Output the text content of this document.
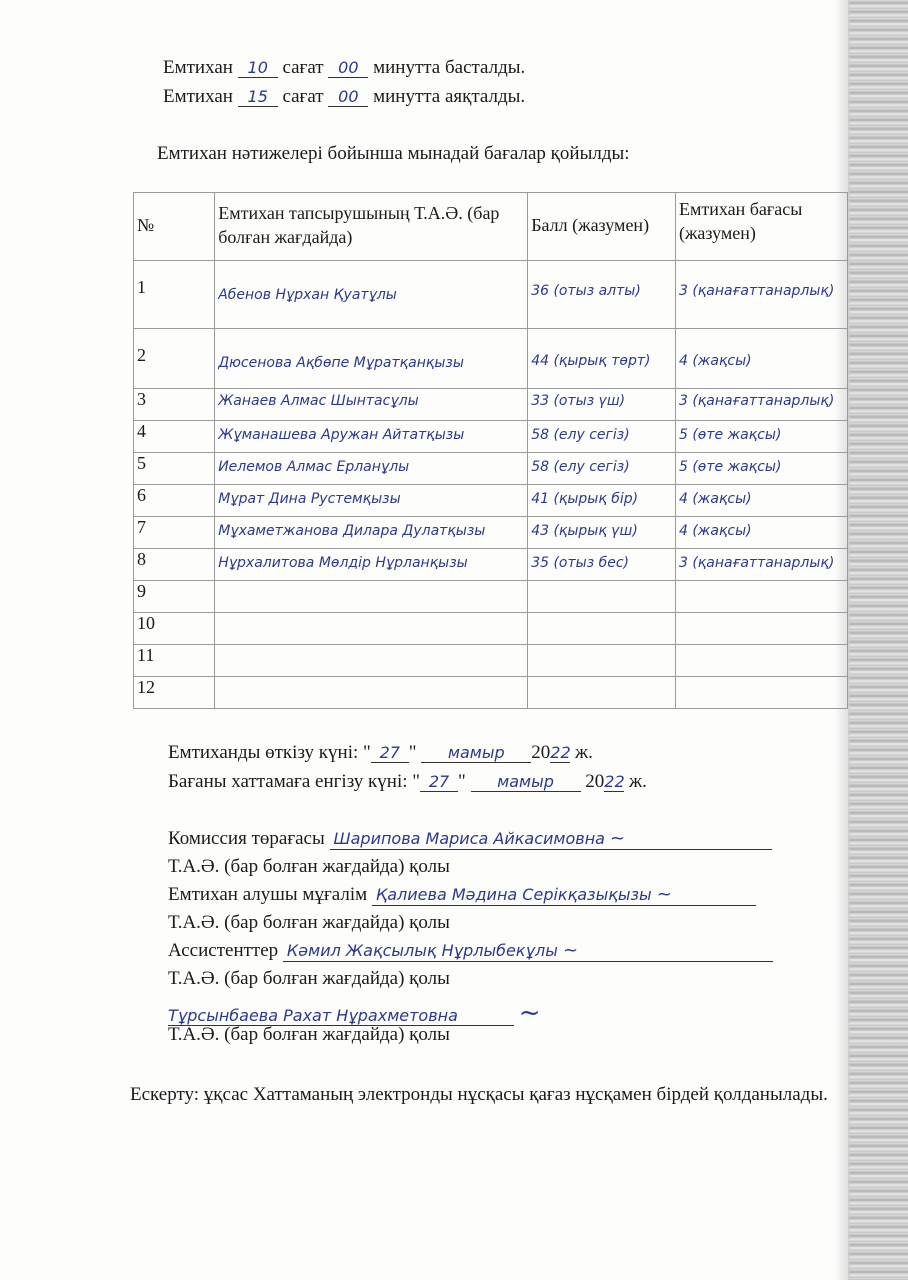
Емтихан 10 сағат 00 минутта басталды.
Емтихан 15 сағат 00 минутта аяқталды.
Емтихан нәтижелері бойынша мынадай бағалар қойылды:
№	Емтихан тапсырушының Т.А.Ә. (бар болған жағдайда)	Балл (жазумен)	Емтихан бағасы (жазумен)
1	Абенов Нұрхан Қуатұлы	36 (отыз алты)	3 (қанағаттанарлық)
2	Дюсенова Ақбөпе Мұратқанқызы	44 (қырық төрт)	4 (жақсы)
3	Жанаев Алмас Шынтасұлы	33 (отыз үш)	3 (қанағаттанарлық)
4	Жұманашева Аружан Айтатқызы	58 (елу сегіз)	5 (өте жақсы)
5	Иелемов Алмас Ерланұлы	58 (елу сегіз)	5 (өте жақсы)
6	Мұрат Дина Рустемқызы	41 (қырық бір)	4 (жақсы)
7	Мұхаметжанова Дилара Дулатқызы	43 (қырық үш)	4 (жақсы)
8	Нұрхалитова Мөлдір Нұрланқызы	35 (отыз бес)	3 (қанағаттанарлық)
9			
10			
11			
12			
Емтиханды өткізу күні: " 27 " мамыр 2022 ж.
Бағаны хаттамаға енгізу күні: " 27 " мамыр 2022 ж.
Комиссия төрағасы Шарипова Мариса Айкасимовна ~
Т.А.Ә. (бар болған жағдайда) қолы
Емтихан алушы мұғалім Қалиева Мәдина Серікқазықызы ~
Т.А.Ә. (бар болған жағдайда) қолы
Ассистенттер Кәмил Жақсылық Нұрлыбекұлы ~
Т.А.Ә. (бар болған жағдайда) қолы
Тұрсынбаева Рахат Нұрахметовна ~
Т.А.Ә. (бар болған жағдайда) қолы
Ескерту: ұқсас Хаттаманың электронды нұсқасы қағаз нұсқамен бірдей қолданылады.
